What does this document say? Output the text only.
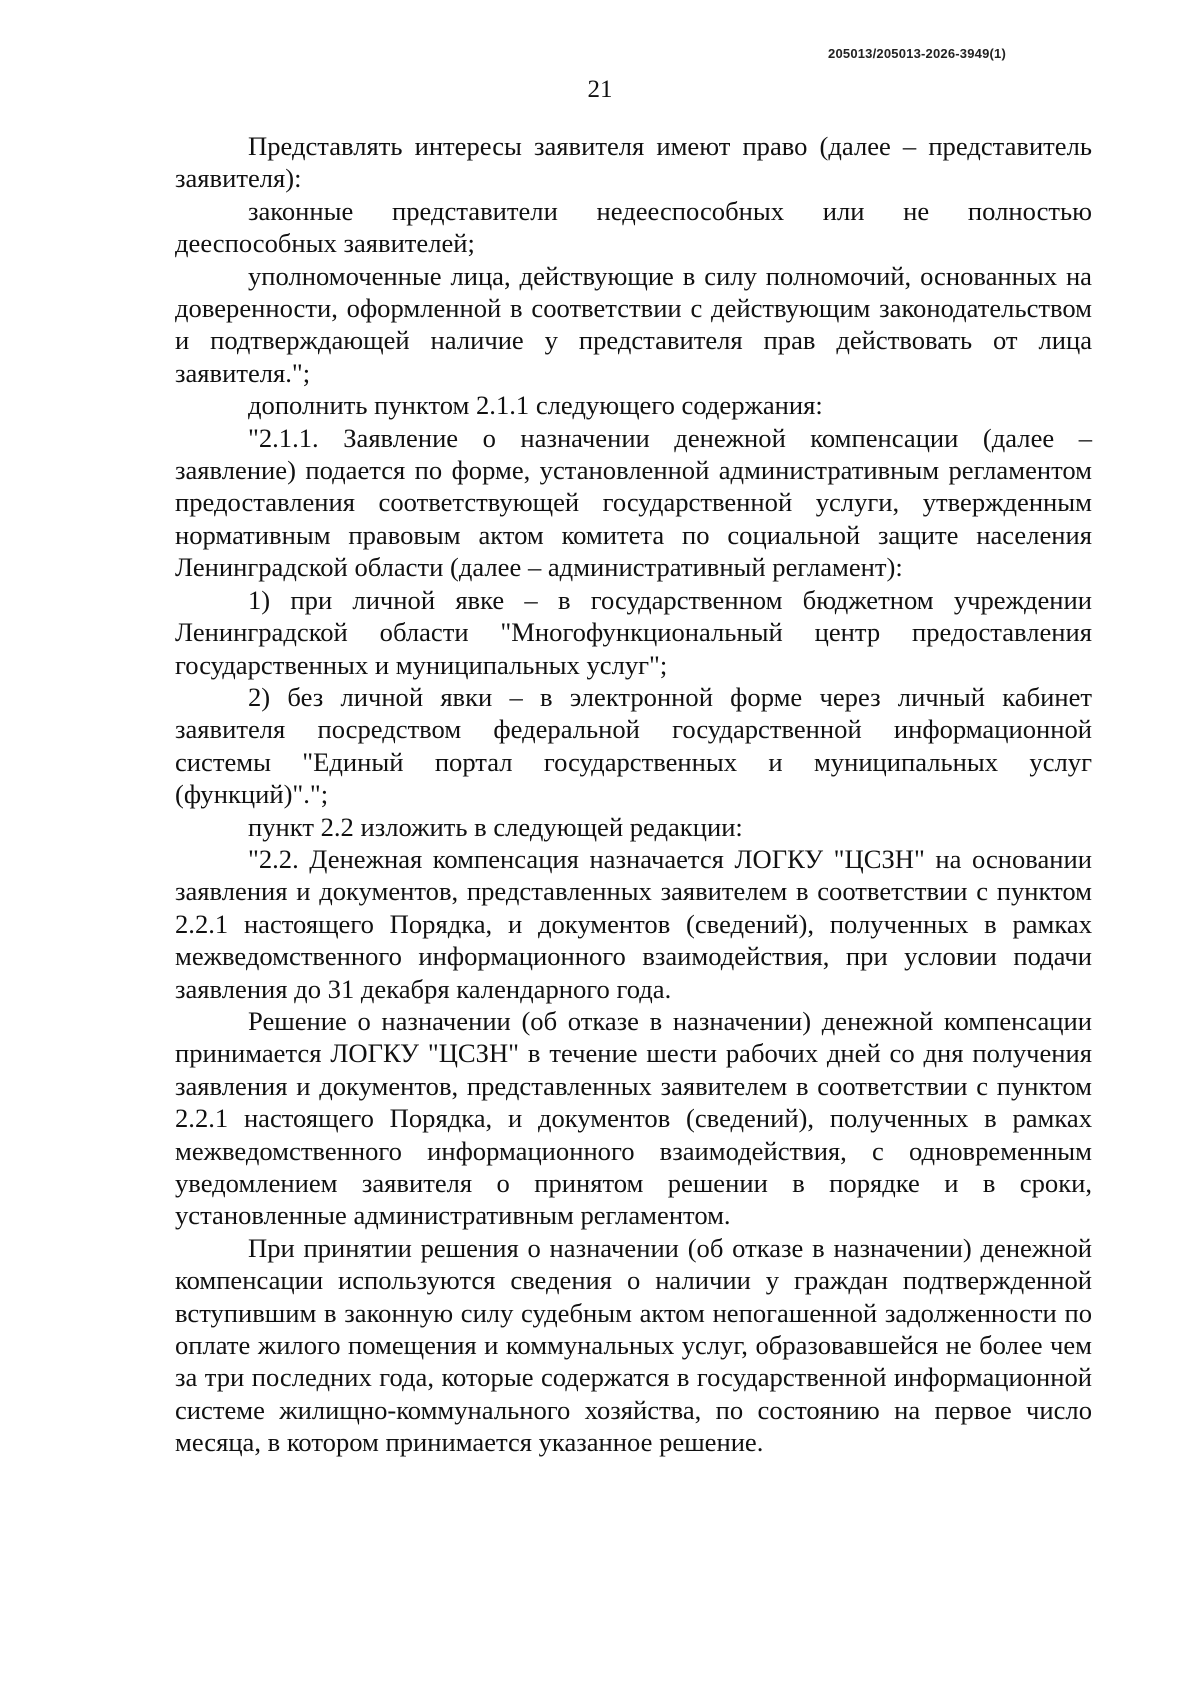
205013/205013-2026-3949(1)
21

Представлять интересы заявителя имеют право (далее – представитель заявителя):

законные представители недееспособных или не полностью дееспособных заявителей;

уполномоченные лица, действующие в силу полномочий, основанных на доверенности, оформленной в соответствии с действующим законодательством и подтверждающей наличие у представителя прав действовать от лица заявителя.";

дополнить пунктом 2.1.1 следующего содержания:

"2.1.1. Заявление о назначении денежной компенсации (далее – заявление) подается по форме, установленной административным регламентом предоставления соответствующей государственной услуги, утвержденным нормативным правовым актом комитета по социальной защите населения Ленинградской области (далее – административный регламент):

1) при личной явке – в государственном бюджетном учреждении Ленинградской области "Многофункциональный центр предоставления государственных и муниципальных услуг";

2) без личной явки – в электронной форме через личный кабинет заявителя посредством федеральной государственной информационной системы "Единый портал государственных и муниципальных услуг (функций)".";

пункт 2.2 изложить в следующей редакции:

"2.2. Денежная компенсация назначается ЛОГКУ "ЦСЗН" на основании заявления и документов, представленных заявителем в соответствии с пунктом 2.2.1 настоящего Порядка, и документов (сведений), полученных в рамках межведомственного информационного взаимодействия, при условии подачи заявления до 31 декабря календарного года.

Решение о назначении (об отказе в назначении) денежной компенсации принимается ЛОГКУ "ЦСЗН" в течение шести рабочих дней со дня получения заявления и документов, представленных заявителем в соответствии с пунктом 2.2.1 настоящего Порядка, и документов (сведений), полученных в рамках межведомственного информационного взаимодействия, с одновременным уведомлением заявителя о принятом решении в порядке и в сроки, установленные административным регламентом.

При принятии решения о назначении (об отказе в назначении) денежной компенсации используются сведения о наличии у граждан подтвержденной вступившим в законную силу судебным актом непогашенной задолженности по оплате жилого помещения и коммунальных услуг, образовавшейся не более чем за три последних года, которые содержатся в государственной информационной системе жилищно-коммунального хозяйства, по состоянию на первое число месяца, в котором принимается указанное решение.
